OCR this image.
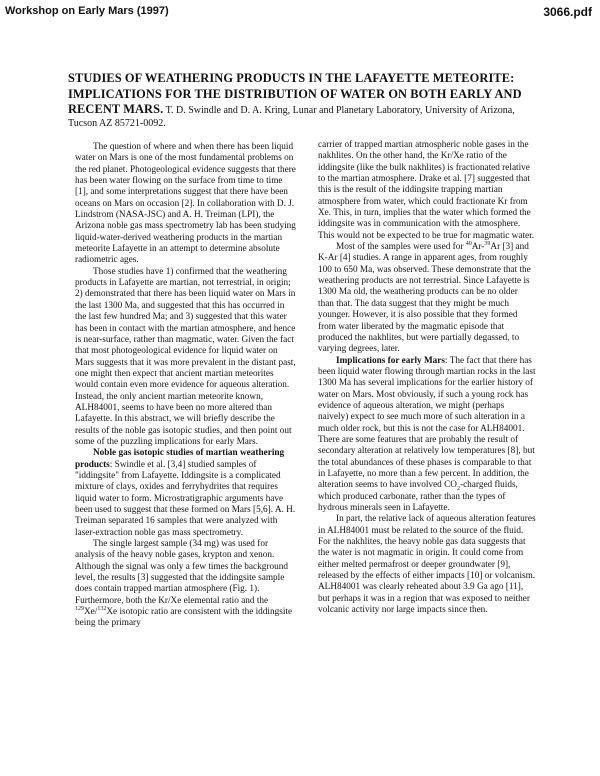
Workshop on Early Mars (1997)	3066.pdf
STUDIES OF WEATHERING PRODUCTS IN THE LAFAYETTE METEORITE: IMPLICATIONS FOR THE DISTRIBUTION OF WATER ON BOTH EARLY AND RECENT MARS. T. D. Swindle and D. A. Kring, Lunar and Planetary Laboratory, University of Arizona, Tucson AZ 85721-0092.

The question of where and when there has been liquid water on Mars is one of the most fundamental problems on the red planet. Photogeological evidence suggests that there has been water flowing on the surface from time to time [1], and some interpretations suggest that there have been oceans on Mars on occasion [2]. In collaboration with D. J. Lindstrom (NASA-JSC) and A. H. Treiman (LPI), the Arizona noble gas mass spectrometry lab has been studying liquid-water-derived weathering products in the martian meteorite Lafayette in an attempt to determine absolute radiometric ages.

Those studies have 1) confirmed that the weathering products in Lafayette are martian, not terrestrial, in origin; 2) demonstrated that there has been liquid water on Mars in the last 1300 Ma, and suggested that this has occurred in the last few hundred Ma; and 3) suggested that this water has been in contact with the martian atmosphere, and hence is near-surface, rather than magmatic, water. Given the fact that most photogeological evidence for liquid water on Mars suggests that it was more prevalent in the distant past, one might then expect that ancient martian meteorites would contain even more evidence for aqueous alteration. Instead, the only ancient martian meteorite known, ALH84001, seems to have been no more altered than Lafayette. In this abstract, we will briefly describe the results of the noble gas isotopic studies, and then point out some of the puzzling implications for early Mars.

Noble gas isotopic studies of martian weathering products: Swindle et al. [3,4] studied samples of "iddingsite" from Lafayette. Iddingsite is a complicated mixture of clays, oxides and ferryhydrites that requires liquid water to form. Microstratigraphic arguments have been used to suggest that these formed on Mars [5,6]. A. H. Treiman separated 16 samples that were analyzed with laser-extraction noble gas mass spectrometry.

The single largest sample (34 mg) was used for analysis of the heavy noble gases, krypton and xenon. Although the signal was only a few times the background level, the results [3] suggested that the iddingsite sample does contain trapped martian atmosphere (Fig. 1). Furthermore, both the Kr/Xe elemental ratio and the $^{129}$Xe/$^{132}$Xe isotopic ratio are consistent with the iddingsite being the primary

carrier of trapped martian atmospheric noble gases in the nakhlites. On the other hand, the Kr/Xe ratio of the iddingsite (like the bulk nakhlites) is fractionated relative to the martian atmosphere. Drake et al. [7] suggested that this is the result of the iddingsite trapping martian atmosphere from water, which could fractionate Kr from Xe. This, in turn, implies that the water which formed the iddingsite was in communication with the atmosphere. This would not be expected to be true for magmatic water.

Most of the samples were used for $^{40}$Ar-$^{39}$Ar [3] and K-Ar [4] studies. A range in apparent ages, from roughly 100 to 650 Ma, was observed. These demonstrate that the weathering products are not terrestrial. Since Lafayette is 1300 Ma old, the weathering products can be no older than that. The data suggest that they might be much younger. However, it is also possible that they formed from water liberated by the magmatic episode that produced the nakhlites, but were partially degassed, to varying degrees, later.

Implications for early Mars: The fact that there has been liquid water flowing through martian rocks in the last 1300 Ma has several implications for the earlier history of water on Mars. Most obviously, if such a young rock has evidence of aqueous alteration, we might (perhaps naively) expect to see much more of such alteration in a much older rock, but this is not the case for ALH84001. There are some features that are probably the result of secondary alteration at relatively low temperatures [8], but the total abundances of these phases is comparable to that in Lafayette, no more than a few percent. In addition, the alteration seems to have involved $CO_2$-charged fluids, which produced carbonate, rather than the types of hydrous minerals seen in Lafayette.

In part, the relative lack of aqueous alteration features in ALH84001 must be related to the source of the fluid. For the nakhlites, the heavy noble gas data suggests that the water is not magmatic in origin. It could come from either melted permafrost or deeper groundwater [9], released by the effects of either impacts [10] or volcanism. ALH84001 was clearly reheated about 3.9 Ga ago [11], but perhaps it was in a region that was exposed to neither volcanic activity nor large impacts since then.
